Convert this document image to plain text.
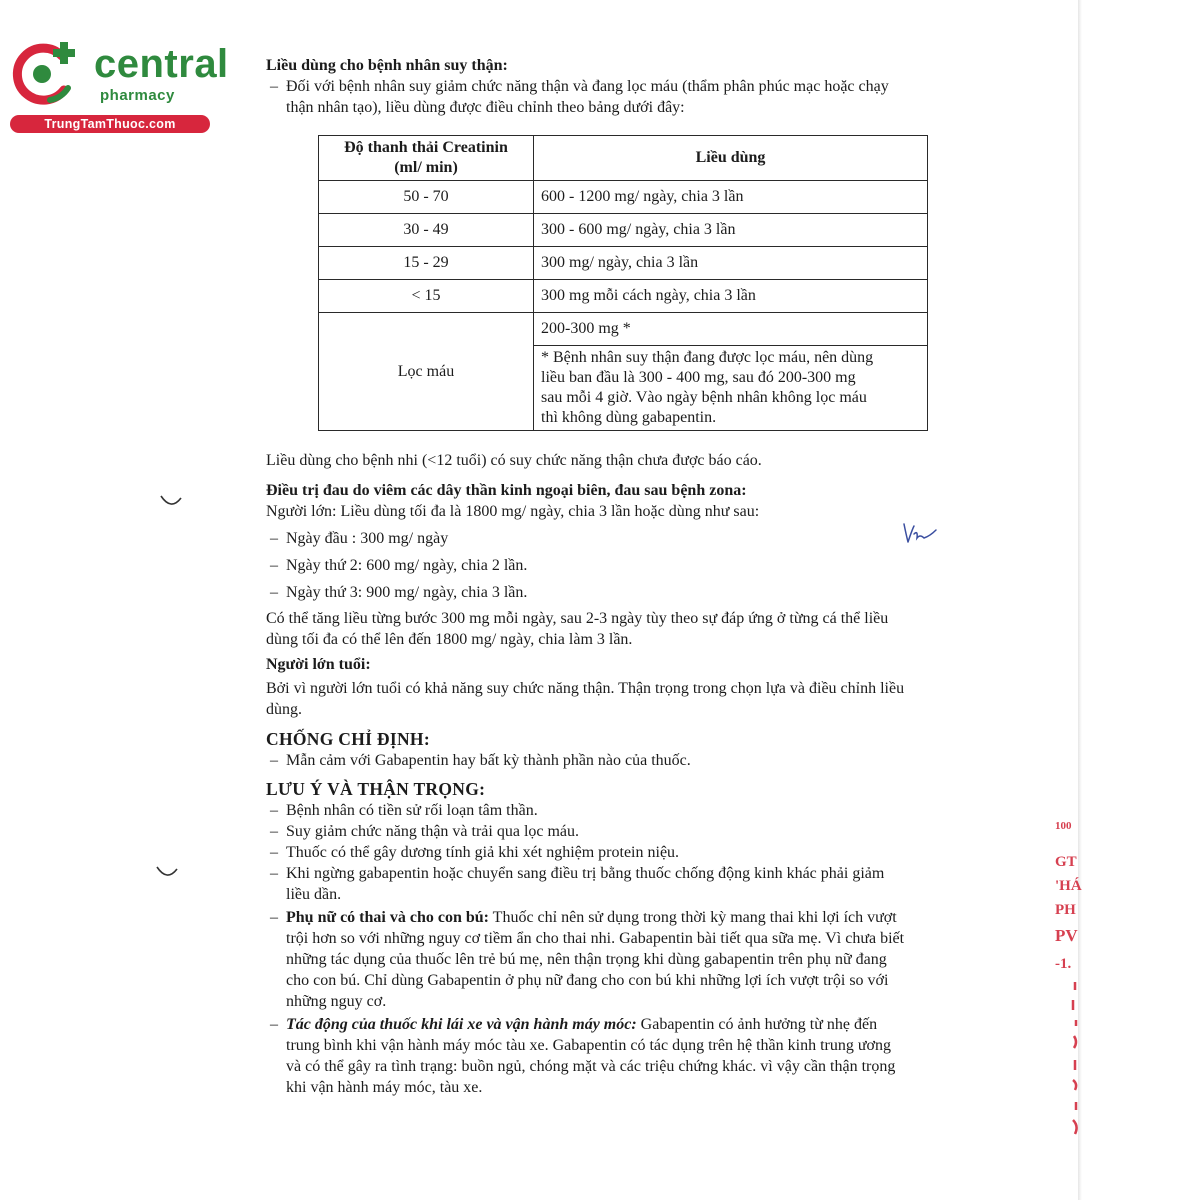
central
pharmacy
TrungTamThuoc.com
100
GT
'HÁ
PH
PV
-1.

Liều dùng cho bệnh nhân suy thận:

– Đối với bệnh nhân suy giảm chức năng thận và đang lọc máu (thẩm phân phúc mạc hoặc chạy

thận nhân tạo), liều dùng được điều chỉnh theo bảng dưới đây:

Độ thanh thải Creatinin
(ml/ min)	Liều dùng
50 - 70	600 - 1200 mg/ ngày, chia 3 lần
30 - 49	300 - 600 mg/ ngày, chia 3 lần
15 - 29	300 mg/ ngày, chia 3 lần
< 15	300 mg mỗi cách ngày, chia 3 lần
Lọc máu	200-300 mg *
	* Bệnh nhân suy thận đang được lọc máu, nên dùng
liều ban đầu là 300 - 400 mg, sau đó 200-300 mg
sau mỗi 4 giờ. Vào ngày bệnh nhân không lọc máu
thì không dùng gabapentin.

Liều dùng cho bệnh nhi (<12 tuổi) có suy chức năng thận chưa được báo cáo.

Điều trị đau do viêm các dây thần kinh ngoại biên, đau sau bệnh zona:

Người lớn: Liều dùng tối đa là 1800 mg/ ngày, chia 3 lần hoặc dùng như sau:

– Ngày đầu : 300 mg/ ngày

– Ngày thứ 2: 600 mg/ ngày, chia 2 lần.

– Ngày thứ 3: 900 mg/ ngày, chia 3 lần.

Có thể tăng liều từng bước 300 mg mỗi ngày, sau 2-3 ngày tùy theo sự đáp ứng ở từng cá thể liều

dùng tối đa có thể lên đến 1800 mg/ ngày, chia làm 3 lần.

Người lớn tuổi:

Bởi vì người lớn tuổi có khả năng suy chức năng thận. Thận trọng trong chọn lựa và điều chỉnh liều

dùng.

CHỐNG CHỈ ĐỊNH:

– Mẫn cảm với Gabapentin hay bất kỳ thành phần nào của thuốc.

LƯU Ý VÀ THẬN TRỌNG:

– Bệnh nhân có tiền sử rối loạn tâm thần.

– Suy giảm chức năng thận và trải qua lọc máu.

– Thuốc có thể gây dương tính giả khi xét nghiệm protein niệu.

– Khi ngừng gabapentin hoặc chuyển sang điều trị bằng thuốc chống động kinh khác phải giảm

liều dần.

– Phụ nữ có thai và cho con bú: Thuốc chỉ nên sử dụng trong thời kỳ mang thai khi lợi ích vượt

trội hơn so với những nguy cơ tiềm ẩn cho thai nhi. Gabapentin bài tiết qua sữa mẹ. Vì chưa biết

những tác dụng của thuốc lên trẻ bú mẹ, nên thận trọng khi dùng gabapentin trên phụ nữ đang

cho con bú. Chỉ dùng Gabapentin ở phụ nữ đang cho con bú khi những lợi ích vượt trội so với

những nguy cơ.

– Tác động của thuốc khi lái xe và vận hành máy móc: Gabapentin có ảnh hưởng từ nhẹ đến

trung bình khi vận hành máy móc tàu xe. Gabapentin có tác dụng trên hệ thần kinh trung ương

và có thể gây ra tình trạng: buồn ngủ, chóng mặt và các triệu chứng khác. vì vậy cần thận trọng

khi vận hành máy móc, tàu xe.
